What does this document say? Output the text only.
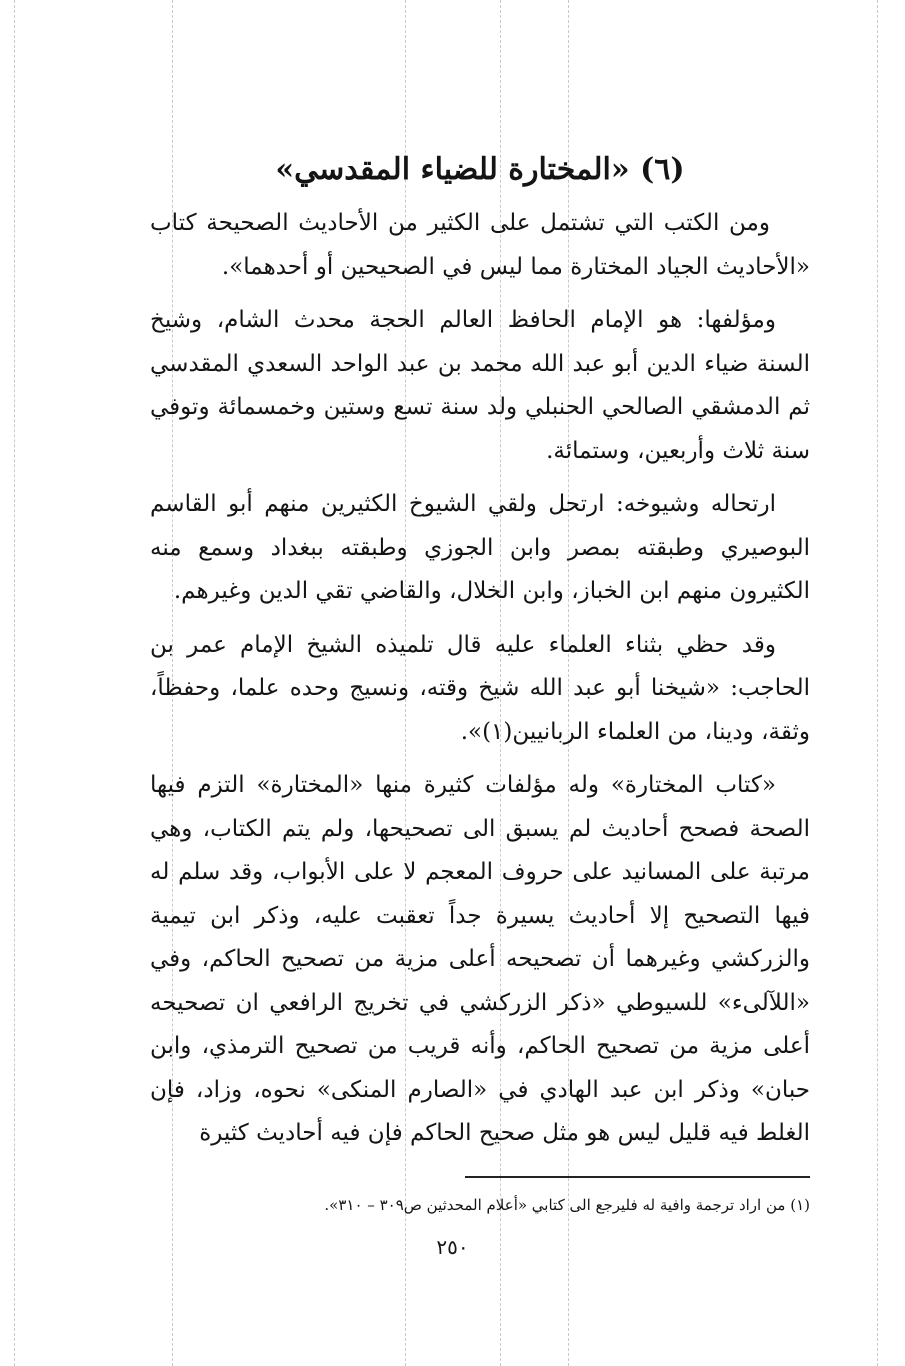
(٦) «المختارة للضياء المقدسي»

ومن الكتب التي تشتمل على الكثير من الأحاديث الصحيحة كتاب «الأحاديث الجياد المختارة مما ليس في الصحيحين أو أحدهما».

ومؤلفها: هو الإمام الحافظ العالم الحجة محدث الشام، وشيخ السنة ضياء الدين أبو عبد الله محمد بن عبد الواحد السعدي المقدسي ثم الدمشقي الصالحي الحنبلي ولد سنة تسع وستين وخمسمائة وتوفي سنة ثلاث وأربعين، وستمائة.

ارتحاله وشيوخه: ارتحل ولقي الشيوخ الكثيرين منهم أبو القاسم البوصيري وطبقته بمصر وابن الجوزي وطبقته ببغداد وسمع منه الكثيرون منهم ابن الخباز، وابن الخلال، والقاضي تقي الدين وغيرهم.

وقد حظي بثناء العلماء عليه قال تلميذه الشيخ الإمام عمر بن الحاجب: «شيخنا أبو عبد الله شيخ وقته، ونسيج وحده علما، وحفظاً، وثقة، ودينا، من العلماء الربانيين(١)».

«كتاب المختارة» وله مؤلفات كثيرة منها «المختارة» التزم فيها الصحة فصحح أحاديث لم يسبق الى تصحيحها، ولم يتم الكتاب، وهي مرتبة على المسانيد على حروف المعجم لا على الأبواب، وقد سلم له فيها التصحيح إلا أحاديث يسيرة جداً تعقبت عليه، وذكر ابن تيمية والزركشي وغيرهما أن تصحيحه أعلى مزية من تصحيح الحاكم، وفي «اللآلىء» للسيوطي «ذكر الزركشي في تخريج الرافعي ان تصحيحه أعلى مزية من تصحيح الحاكم، وأنه قريب من تصحيح الترمذي، وابن حبان» وذكر ابن عبد الهادي في «الصارم المنكى» نحوه، وزاد، فإن الغلط فيه قليل ليس هو مثل صحيح الحاكم فإن فيه أحاديث كثيرة

(١) من اراد ترجمة وافية له فليرجع الى كتابي «أعلام المحدثين ص٣٠٩ – ٣١٠».

٢٥٠
